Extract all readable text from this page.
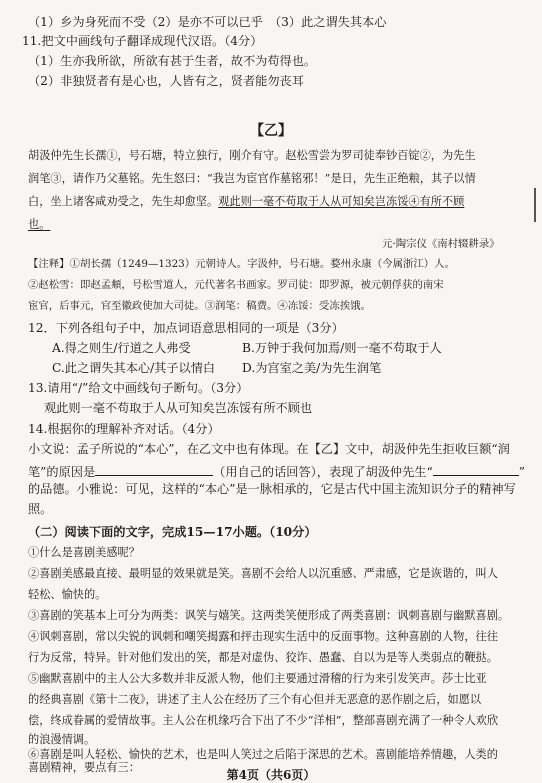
（1）乡为身死而不受（2）是亦不可以已乎　（3）此之谓失其本心
11.把文中画线句子翻译成现代汉语。（4分）
（1）生亦我所欲，所欲有甚于生者，故不为苟得也。
（2）非独贤者有是心也，人皆有之，贤者能勿丧耳
【乙】
胡汲仲先生长孺①，号石塘，特立独行，刚介有守。赵松雪尝为罗司徒奉钞百锭②，为先生
润笔③，请作乃父墓铭。先生怒曰：“我岂为宦官作墓铭邪！”是日，先生正绝粮，其子以情
白，坐上诸客咸劝受之，先生却愈坚。观此则一毫不苟取于人从可知矣岂冻馁④有所不顾
也。
元·陶宗仪《南村辍耕录》
【注释】①胡长孺（1249—1323）元朝诗人。字汲仲，号石塘。婺州永康（今属浙江）人。
②赵松雪：即赵孟頫，号松雪道人，元代著名书画家。罗司徒：即罗源，被元朝俘获的南宋
宦官，后事元，官至徽政使加大司徒。③润笔：稿费。④冻馁：受冻挨饿。
12．下列各组句子中，加点词语意思相同的一项是（3分）
A.得之则生/行道之人弗受	B.万钟于我何加焉/则一毫不苟取于人
C.此之谓失其本心/其子以情白 D.为宫室之美/为先生润笔
13.请用“/”给文中画线句子断句。（3分）
观此则一毫不苟取于人从可知矣岂冻馁有所不顾也
14.根据你的理解补齐对话。（4分）
小文说：孟子所说的“本心”，在乙文中也有体现。在【乙】文中，胡汲仲先生拒收巨额“润
笔”的原因是	（用自己的话回答），表现了胡汲仲先生“	”
的品德。小雅说：可见，这样的“本心”是一脉相承的，它是古代中国主流知识分子的精神写
照。
（二）阅读下面的文字，完成15—17小题。（10分）
①什么是喜剧美感呢？
②喜剧美感最直接、最明显的效果就是笑。喜剧不会给人以沉重感、严肃感，它是诙谐的，叫人
轻松、愉快的。
③喜剧的笑基本上可分为两类：讽笑与嬉笑。这两类笑便形成了两类喜剧：讽刺喜剧与幽默喜剧。
④讽刺喜剧，常以尖锐的讽刺和嘲笑揭露和抨击现实生活中的反面事物。这种喜剧的人物，往往
行为反常，特异。针对他们发出的笑，都是对虚伪、狡诈、愚蠢、自以为是等人类弱点的鞭挞。
⑤幽默喜剧中的主人公大多数并非反派人物，他们主要通过滑稽的行为来引发笑声。莎士比亚
的经典喜剧《第十二夜》，讲述了主人公在经历了三个有心但并无恶意的恶作剧之后，如愿以
偿，终成眷属的爱情故事。主人公在机缘巧合下出了不少“洋相”，整部喜剧充满了一种令人欢欣
的浪漫情调。
⑥喜剧是叫人轻松、愉快的艺术，也是叫人笑过之后陷于深思的艺术。喜剧能培养情趣，人类的
喜剧精神，要点有三：
第4页（共6页）
